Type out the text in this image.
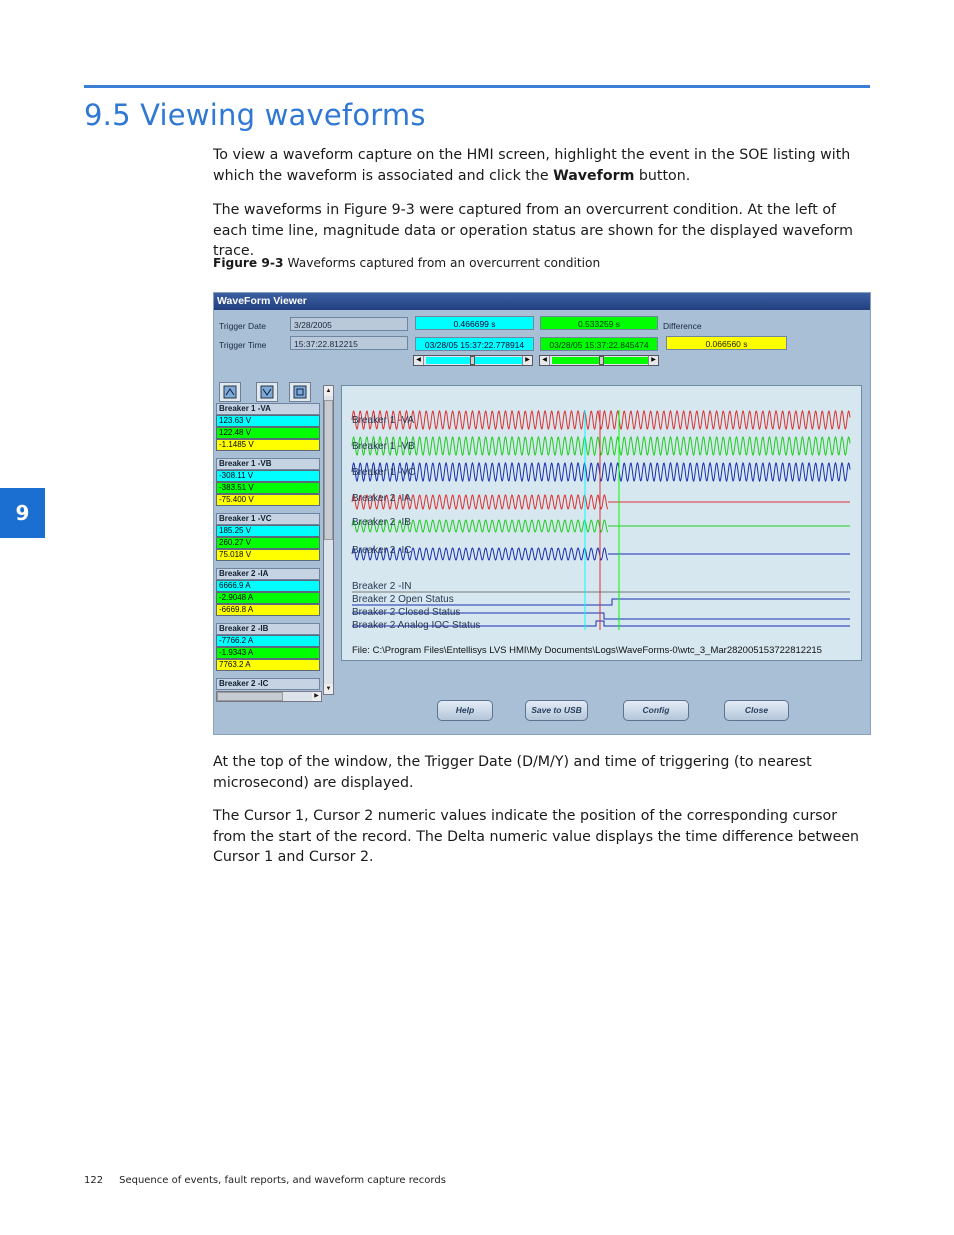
9.5 Viewing waveforms

To view a waveform capture on the HMI screen, highlight the event in the SOE listing with which the waveform is associated and click the Waveform button.

The waveforms in Figure 9-3 were captured from an overcurrent condition. At the left of each time line, magnitude data or operation status are shown for the displayed waveform trace.

Figure 9-3 Waveforms captured from an overcurrent condition
9
WaveForm Viewer
Trigger Date	3/28/2005
Trigger Time	15:37:22.812215
0.466699 s
03/28/05 15:37:22.778914
0.533259 s
03/28/05 15:37:22.845474
Difference
0.066560 s
◀	▶	◀	▶
Breaker 1 -VA
123.63 V
122.48 V
-1.1485 V
Breaker 1 -VB
-308.11 V
-383.51 V
-75.400 V
Breaker 1 -VC
185.25 V
260.27 V
75.018 V
Breaker 2 -IA
6666.9 A
-2.9048 A
-6669.8 A
Breaker 2 -IB
-7766.2 A
-1.9343 A
7763.2 A
Breaker 2 -IC
▲
▼
▶
Breaker 1 -VA
Breaker 1 -VB
Breaker 1 -VC
Breaker 2 -IA
Breaker 2 -IB
Breaker 2 -IC
Breaker 2 -IN
Breaker 2 Open Status
Breaker 2 Closed Status
Breaker 2 Analog IOC Status
File: C:\Program Files\Entellisys LVS HMI\My Documents\Logs\WaveForms-0\wtc_3_Mar282005153722812215
Help	Save to USB	Config	Close

At the top of the window, the Trigger Date (D/M/Y) and time of triggering (to nearest microsecond) are displayed.

The Cursor 1, Cursor 2 numeric values indicate the position of the corresponding cursor from the start of the record. The Delta numeric value displays the time difference between Cursor 1 and Cursor 2.

122 Sequence of events, fault reports, and waveform capture records
